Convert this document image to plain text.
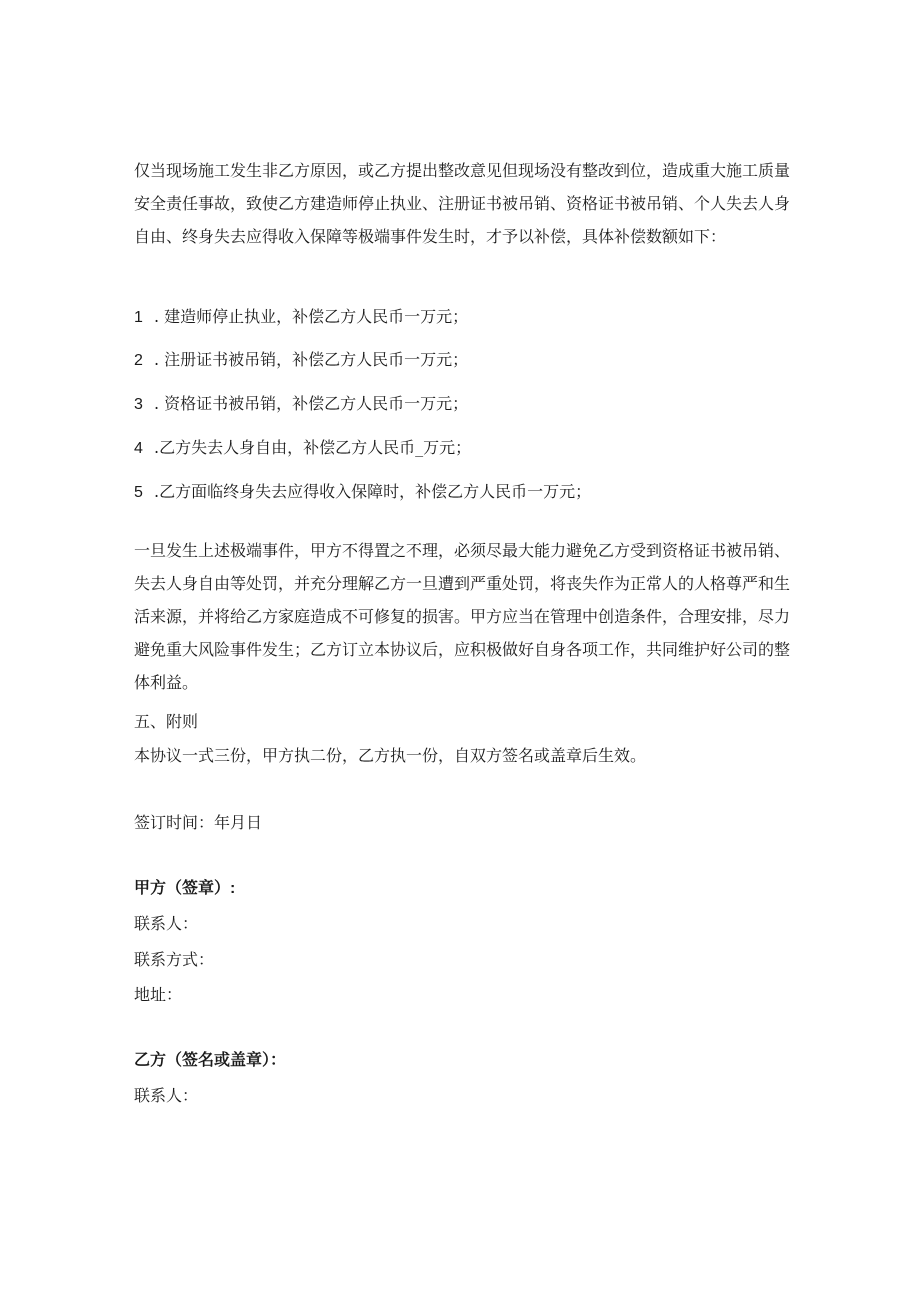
仅当现场施工发生非乙方原因，或乙方提出整改意见但现场没有整改到位，造成重大施工质量安全责任事故，致使乙方建造师停止执业、注册证书被吊销、资格证书被吊销、个人失去人身自由、终身失去应得收入保障等极端事件发生时，才予以补偿，具体补偿数额如下：

1 . 建造师停止执业，补偿乙方人民币一万元；
2 . 注册证书被吊销，补偿乙方人民币一万元；
3 . 资格证书被吊销，补偿乙方人民币一万元；
4 .乙方失去人身自由，补偿乙方人民币_万元；
5 .乙方面临终身失去应得收入保障时，补偿乙方人民币一万元；

一旦发生上述极端事件，甲方不得置之不理，必须尽最大能力避免乙方受到资格证书被吊销、失去人身自由等处罚，并充分理解乙方一旦遭到严重处罚，将丧失作为正常人的人格尊严和生活来源，并将给乙方家庭造成不可修复的损害。甲方应当在管理中创造条件，合理安排，尽力避免重大风险事件发生；乙方订立本协议后，应积极做好自身各项工作，共同维护好公司的整体利益。

五、附则
本协议一式三份，甲方执二份，乙方执一份，自双方签名或盖章后生效。
签订时间：年月日
甲方（签章）:
联系人：
联系方式：
地址：
乙方（签名或盖章）：
联系人：
